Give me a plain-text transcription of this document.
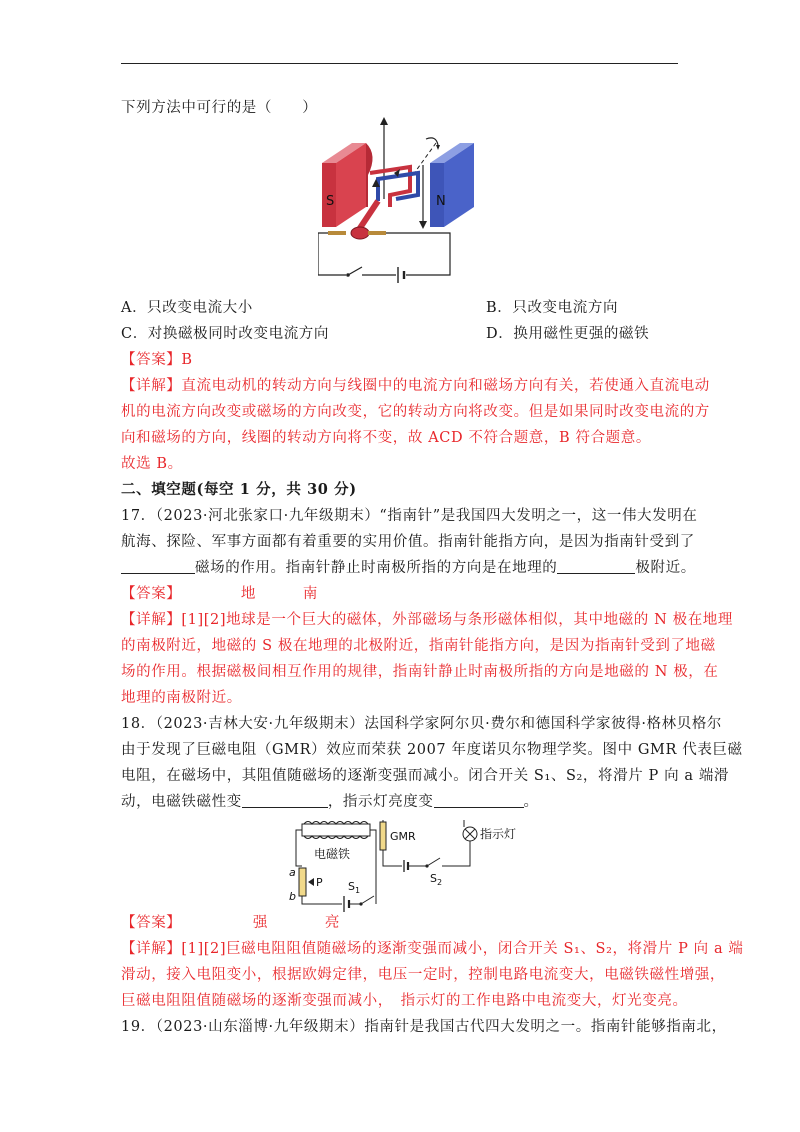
下列方法中可行的是（　　）
S	N
A．只改变电流大小	B．只改变电流方向
C．对换磁极同时改变电流方向	D．换用磁性更强的磁铁
【答案】B
【详解】直流电动机的转动方向与线圈中的电流方向和磁场方向有关，若使通入直流电动
机的电流方向改变或磁场的方向改变，它的转动方向将改变。但是如果同时改变电流的方
向和磁场的方向，线圈的转动方向将不变，故 ACD 不符合题意，B 符合题意。
故选 B。
二、填空题(每空 1 分，共 30 分)
17．（2023·河北张家口·九年级期末）“指南针”是我国四大发明之一，这一伟大发明在
航海、探险、军事方面都有着重要的实用价值。指南针能指方向，是因为指南针受到了
磁场的作用。指南针静止时南极所指的方向是在地理的	极附近。
【答案】	地	南
【详解】[1][2]地球是一个巨大的磁体，外部磁场与条形磁体相似，其中地磁的 N 极在地理
的南极附近，地磁的 S 极在地理的北极附近，指南针能指方向，是因为指南针受到了地磁
场的作用。根据磁极间相互作用的规律，指南针静止时南极所指的方向是地磁的 N 极，在
地理的南极附近。
18．（2023·吉林大安·九年级期末）法国科学家阿尔贝·费尔和德国科学家彼得·格林贝格尔
由于发现了巨磁电阻（GMR）效应而荣获 2007 年度诺贝尔物理学奖。图中 GMR 代表巨磁
电阻，在磁场中，其阻值随磁场的逐渐变强而减小。闭合开关 S₁、S₂，将滑片 P 向 a 端滑
动，电磁铁磁性变	，指示灯亮度变	。
电磁铁
a
b
P $S_1$
GMR	指示灯
$S_2$
【答案】	强	亮
【详解】[1][2]巨磁电阻阻值随磁场的逐渐变强而减小，闭合开关 S₁、S₂，将滑片 P 向 a 端
滑动，接入电阻变小，根据欧姆定律，电压一定时，控制电路电流变大，电磁铁磁性增强，
巨磁电阻阻值随磁场的逐渐变强而减小，　指示灯的工作电路中电流变大，灯光变亮。
19．（2023·山东淄博·九年级期末）指南针是我国古代四大发明之一。指南针能够指南北，
